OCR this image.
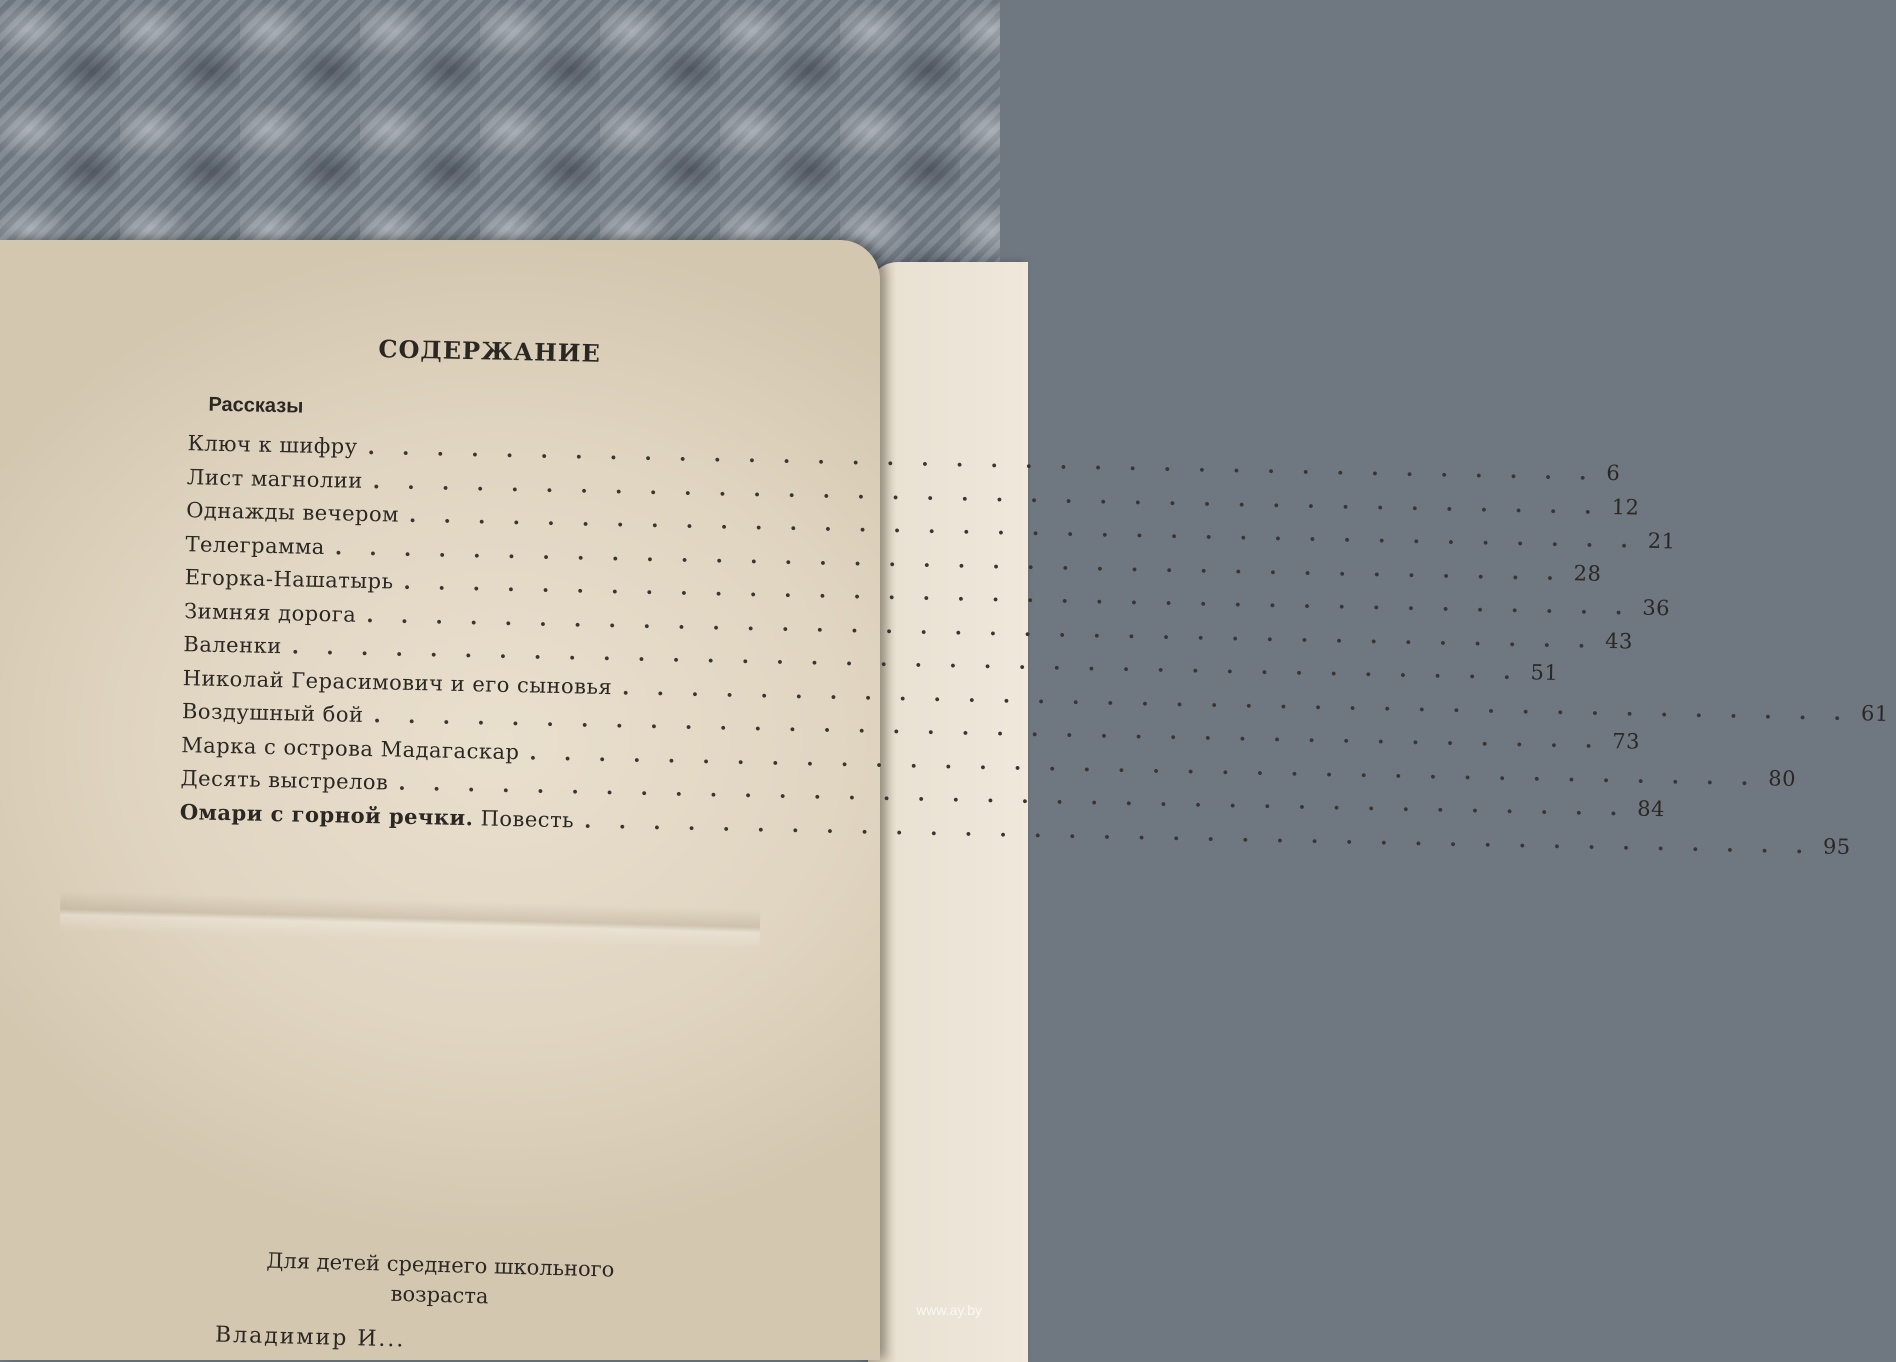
СОДЕРЖАНИЕ
Рассказы
Ключ к шифру
. . .
6
Лист магнолии
. . .
12
Однажды вечером
. . .
21
Телеграмма
. . .
28
Егорка-Нашатырь
. . .
36
Зимняя дорога
. . .
43
Валенки
. . .
51
Николай Герасимович и его сыновья
. . .
61
Воздушный бой
. . .
73
Марка с острова Мадагаскар
. . .
80
Десять выстрелов
. . .
84
Омари с горной речки. Повесть
. . .
95
Для детей среднего школьного
возраста
Владимир И...
www.ay.by
